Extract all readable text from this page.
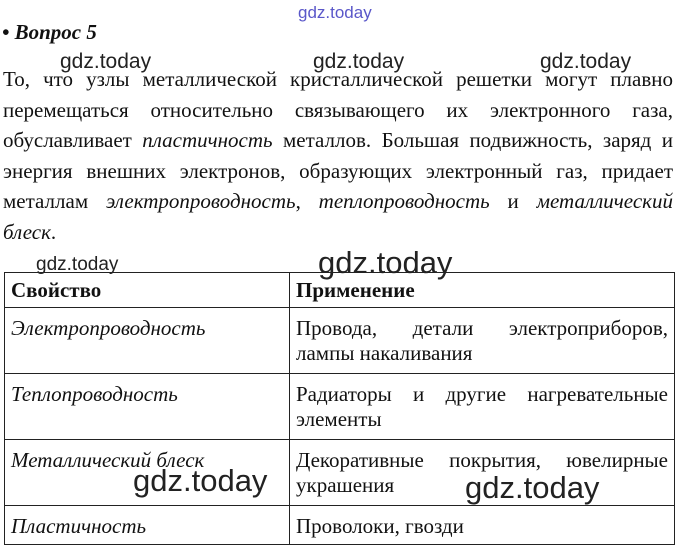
gdz.today
• Вопрос 5
gdz.today	gdz.today	gdz.today
То, что узлы металлической кристаллической решетки могут плавно перемещаться относительно связывающего их электронного газа, обуславливает пластичность металлов. Большая подвижность, заряд и энергия внешних электронов, образующих электронный газ, придает металлам электропроводность, теплопроводность и металлический блеск.
gdz.today	gdz.today
Свойство	Применение
Электропроводность	Провода, детали электроприборов, лампы накаливания
Теплопроводность	Радиаторы и другие нагревательные элементы
Металлический блеск	Декоративные покрытия, ювелирные украшения
Пластичность	Проволоки, гвозди
gdz.today	gdz.today
